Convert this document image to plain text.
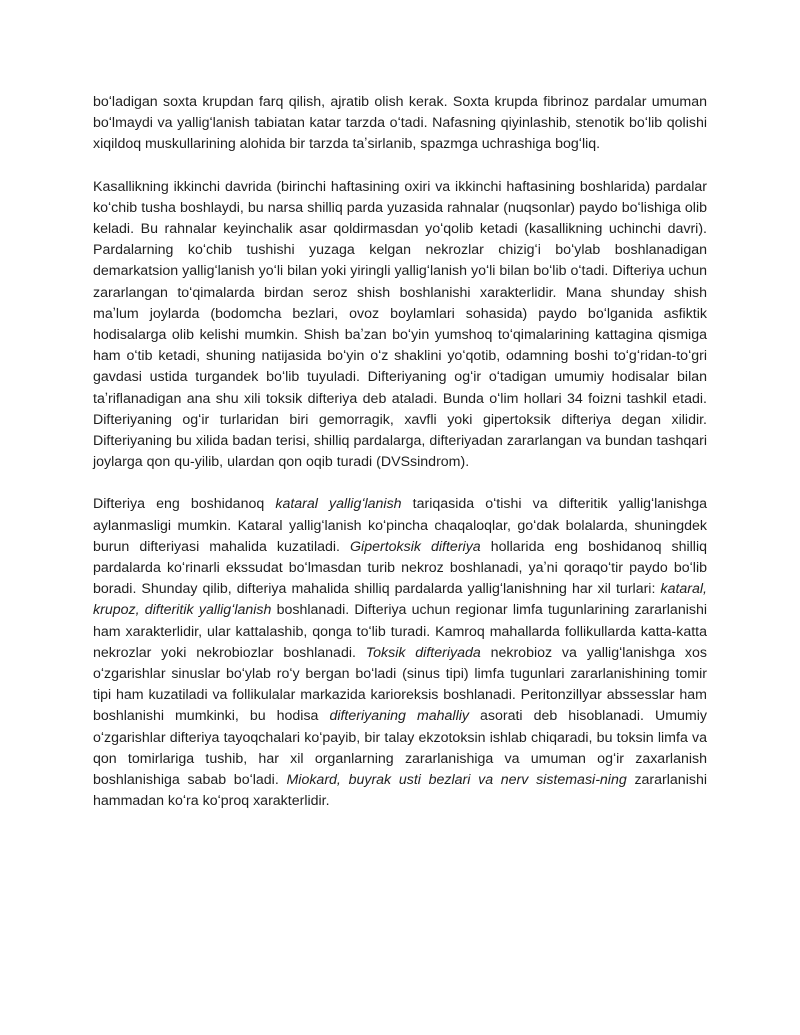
boʻladigan soxta krupdan farq qilish, ajratib olish kerak. Soxta krupda fibrinoz pardalar umuman boʻlmaydi va yalligʻlanish tabiatan katar tarzda oʻtadi. Nafasning qiyinlashib, stenotik boʻlib qolishi xiqildoq muskullarining alohida bir tarzda taʼsirlanib, spazmga uchrashiga bogʻliq.

Kasallikning ikkinchi davrida (birinchi haftasining oxiri va ikkinchi haftasining boshlarida) pardalar koʻchib tusha boshlaydi, bu narsa shilliq parda yuzasida rahnalar (nuqsonlar) paydo boʻlishiga olib keladi. Bu rahnalar keyinchalik asar qoldirmasdan yoʻqolib ketadi (kasallikning uchinchi davri). Pardalarning koʻchib tushishi yuzaga kelgan nekrozlar chizigʻi boʻylab boshlanadigan demarkatsion yalligʻlanish yoʻli bilan yoki yiringli yalligʻlanish yoʻli bilan boʻlib oʻtadi. Difteriya uchun zararlangan toʻqimalarda birdan seroz shish boshlanishi xarakterlidir. Mana shunday shish maʼlum joylarda (bodomcha bezlari, ovoz boylamlari sohasida) paydo boʻlganida asfiktik hodisalarga olib kelishi mumkin. Shish baʼzan boʻyin yumshoq toʻqimalarining kattagina qismiga ham oʻtib ketadi, shuning natijasida boʻyin oʻz shaklini yoʻqotib, odamning boshi toʻgʻridan-toʻgri gavdasi ustida turgandek boʻlib tuyuladi. Difteriyaning ogʻir oʻtadigan umumiy hodisalar bilan taʼriflanadigan ana shu xili toksik difteriya deb ataladi. Bunda oʻlim hollari 34 foizni tashkil etadi. Difteriyaning ogʻir turlaridan biri gemorragik, xavfli yoki gipertoksik difteriya degan xilidir. Difteriyaning bu xilida badan terisi, shilliq pardalarga, difteriyadan zararlangan va bundan tashqari joylarga qon qu-yilib, ulardan qon oqib turadi (DVSsindrom).

Difteriya eng boshidanoq kataral yalligʻlanish tariqasida oʻtishi va difteritik yalligʻlanishga aylanmasligi mumkin. Kataral yalligʻlanish koʻpincha chaqaloqlar, goʻdak bolalarda, shuningdek burun difteriyasi mahalida kuzatiladi. Gipertoksik difteriya hollarida eng boshidanoq shilliq pardalarda koʻrinarli ekssudat boʻlmasdan turib nekroz boshlanadi, yaʼni qoraqoʻtir paydo boʻlib boradi. Shunday qilib, difteriya mahalida shilliq pardalarda yalligʻlanishning har xil turlari: kataral, krupoz, difteritik yalligʻlanish boshlanadi. Difteriya uchun regionar limfa tugunlarining zararlanishi ham xarakterlidir, ular kattalashib, qonga toʻlib turadi. Kamroq mahallarda follikullarda katta-katta nekrozlar yoki nekrobiozlar boshlanadi. Toksik difteriyada nekrobioz va yalligʻlanishga xos oʻzgarishlar sinuslar boʻylab roʻy bergan boʻladi (sinus tipi) limfa tugunlari zararlanishining tomir tipi ham kuzatiladi va follikulalar markazida karioreksis boshlanadi. Peritonzillyar abssesslar ham boshlanishi mumkinki, bu hodisa difteriyaning mahalliy asorati deb hisoblanadi. Umumiy oʻzgarishlar difteriya tayoqchalari koʻpayib, bir talay ekzotoksin ishlab chiqaradi, bu toksin limfa va qon tomirlariga tushib, har xil organlarning zararlanishiga va umuman ogʻir zaxarlanish boshlanishiga sabab boʻladi. Miokard, buyrak usti bezlari va nerv sistemasi-ning zararlanishi hammadan koʻra koʻproq xarakterlidir.
